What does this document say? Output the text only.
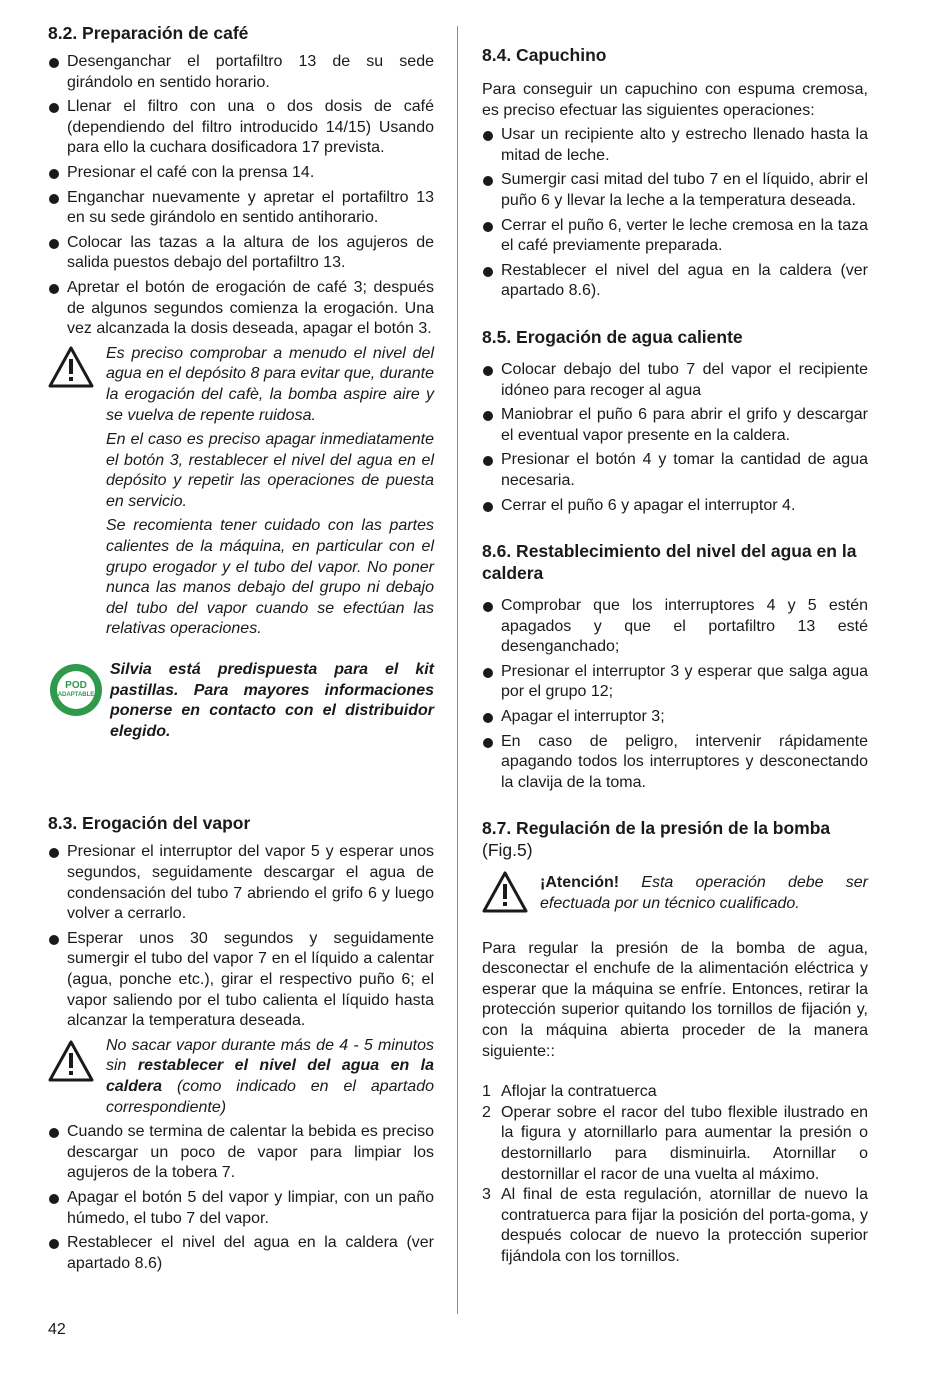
8.2. Preparación de café
Desenganchar el portafiltro 13 de su sede girándolo en sentido horario.
Llenar el filtro con una o dos dosis de café (dependiendo del filtro introducido 14/15) Usando para ello la cuchara dosificadora 17 prevista.
Presionar el café con la prensa 14.
Enganchar nuevamente y apretar el portafiltro 13 en su sede girándolo en sentido antihorario.
Colocar las tazas a la altura de los agujeros de salida puestos debajo del portafiltro 13.
Apretar el botón de erogación de café 3; después de algunos segundos comienza la erogación. Una vez alcanzada la dosis deseada, apagar el botón 3.

Es preciso comprobar a menudo el nivel del agua en el depósito 8 para evitar que, durante la erogación del cafè, la bomba aspire aire y se vuelva de repente ruidosa.

En el caso es preciso apagar inmediatamente el botón 3, restablecer el nivel del agua en el depósito y repetir las operaciones de puesta en servicio.

Se recomienta tener cuidado con las partes calientes de la máquina, en particular con el grupo erogador y el tubo del vapor. No poner nunca las manos debajo del grupo ni debajo del tubo del vapor cuando se efectúan las relativas operaciones.

POD
ADAPTABLE

Silvia está predispuesta para el kit pastillas. Para mayores informaciones ponerse en contacto con el distribuidor elegido.

8.3. Erogación del vapor
Presionar el interruptor del vapor 5 y esperar unos segundos, seguidamente descargar el agua de condensación del tubo 7 abriendo el grifo 6 y luego volver a cerrarlo.
Esperar unos 30 segundos y seguidamente sumergir el tubo del vapor 7 en el líquido a calentar (agua, ponche etc.), girar el respectivo puño 6; el vapor saliendo por el tubo calienta el líquido hasta alcanzar la temperatura deseada.

No sacar vapor durante más de 4 - 5 minutos sin restablecer el nivel del agua en la caldera (como indicado en el apartado correspondiente)

Cuando se termina de calentar la bebida es preciso descargar un poco de vapor para limpiar los agujeros de la tobera 7.
Apagar el botón 5 del vapor y limpiar, con un paño húmedo, el tubo 7 del vapor.
Restablecer el nivel del agua en la caldera (ver apartado 8.6)
8.4. Capuchino

Para conseguir un capuchino con espuma cremosa, es preciso efectuar las siguientes operaciones:

Usar un recipiente alto y estrecho llenado hasta la mitad de leche.
Sumergir casi mitad del tubo 7 en el líquido, abrir el puño 6 y llevar la leche a la temperatura deseada.
Cerrar el puño 6, verter le leche cremosa en la taza el café previamente preparada.
Restablecer el nivel del agua en la caldera (ver apartado 8.6).
8.5. Erogación de agua caliente
Colocar debajo del tubo 7 del vapor el recipiente idóneo para recoger al agua
Maniobrar el puño 6 para abrir el grifo y descargar el eventual vapor presente en la caldera.
Presionar el botón 4 y tomar la cantidad de agua necesaria.
Cerrar el puño 6 y apagar el interruptor 4.
8.6. Restablecimiento del nivel del agua en la caldera
Comprobar que los interruptores 4 y 5 estén apagados y que el portafiltro 13 esté desenganchado;
Presionar el interruptor 3 y esperar que salga agua por el grupo 12;
Apagar el interruptor 3;
En caso de peligro, intervenir rápidamente apagando todos los interruptores y desconectando la clavija de la toma.
8.7. Regulación de la presión de la bomba (Fig.5)

¡Atención! Esta operación debe ser efectuada por un técnico cualificado.

Para regular la presión de la bomba de agua, desconectar el enchufe de la alimentación eléctrica y esperar que la máquina se enfríe. Entonces, retirar la protección superior quitando los tornillos de fijación y, con la máquina abierta proceder de la manera siguiente::

1 Aflojar la contratuerca
2 Operar sobre el racor del tubo flexible ilustrado en la figura y atornillarlo para aumentar la presión o destornillarlo para disminuirla. Atornillar o destornillar el racor de una vuelta al máximo.
3 Al final de esta regulación, atornillar de nuevo la contratuerca para fijar la posición del porta-goma, y después colocar de nuevo la protección superior fijándola con los tornillos.
42
